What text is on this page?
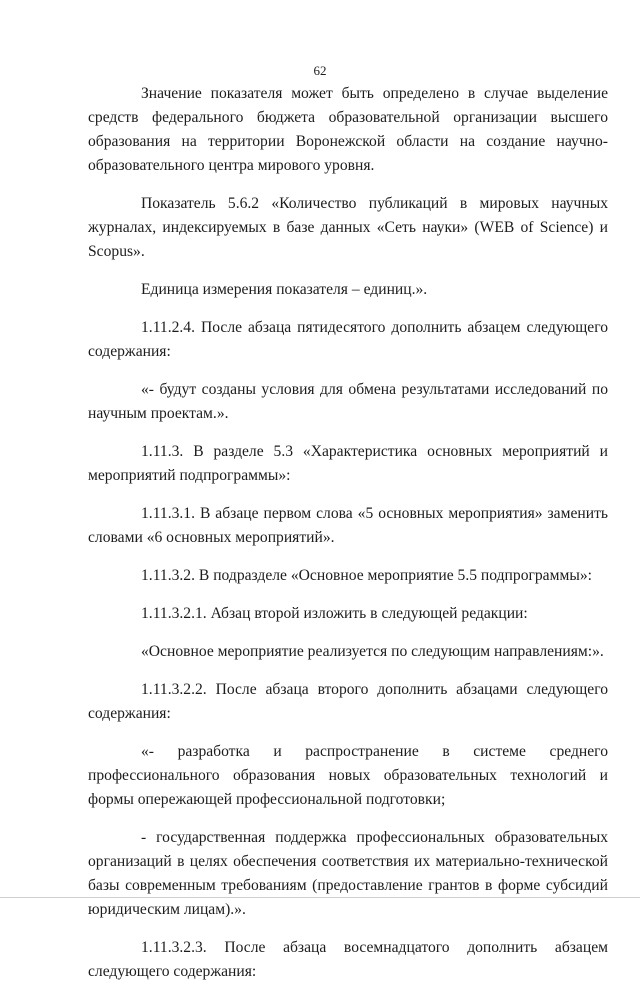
62

Значение показателя может быть определено в случае выделение средств федерального бюджета образовательной организации высшего образования на территории Воронежской области на создание научно-образовательного центра мирового уровня.

Показатель 5.6.2 «Количество публикаций в мировых научных журналах, индексируемых в базе данных «Сеть науки» (WEB of Science) и Scopus».

Единица измерения показателя – единиц.».

1.11.2.4. После абзаца пятидесятого дополнить абзацем следующего содержания:

«- будут созданы условия для обмена результатами исследований по научным проектам.».

1.11.3. В разделе 5.3 «Характеристика основных мероприятий и мероприятий подпрограммы»:

1.11.3.1. В абзаце первом слова «5 основных мероприятия» заменить словами «6 основных мероприятий».

1.11.3.2. В подразделе «Основное мероприятие 5.5 подпрограммы»:

1.11.3.2.1. Абзац второй изложить в следующей редакции:

«Основное мероприятие реализуется по следующим направлениям:».

1.11.3.2.2. После абзаца второго дополнить абзацами следующего содержания:

«- разработка и распространение в системе среднего профессионального образования новых образовательных технологий и формы опережающей профессиональной подготовки;

- государственная поддержка профессиональных образовательных организаций в целях обеспечения соответствия их материально-технической базы современным требованиям (предоставление грантов в форме субсидий юридическим лицам).».

1.11.3.2.3. После абзаца восемнадцатого дополнить абзацем следующего содержания:
